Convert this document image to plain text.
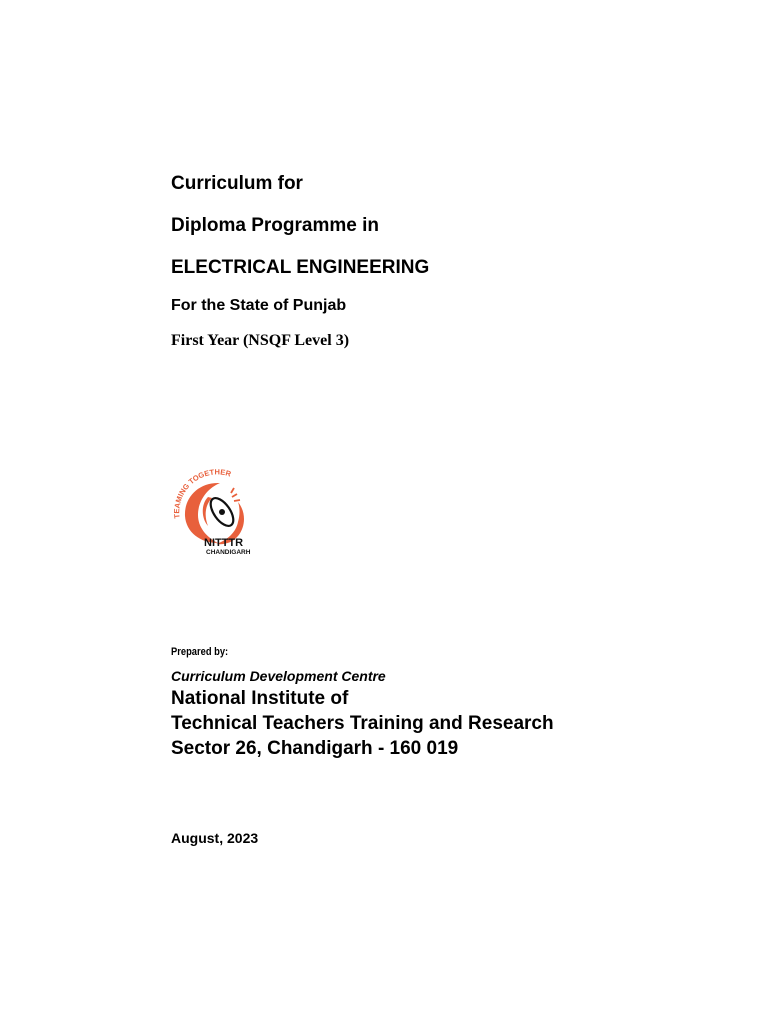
Curriculum for
Diploma Programme in
ELECTRICAL ENGINEERING

For the State of Punjab

First Year (NSQF Level 3)

TEAMING TOGETHER
NITTTR
CHANDIGARH

Prepared by:

Curriculum Development Centre

National Institute of

Technical Teachers Training and Research

Sector 26, Chandigarh - 160 019

August, 2023
